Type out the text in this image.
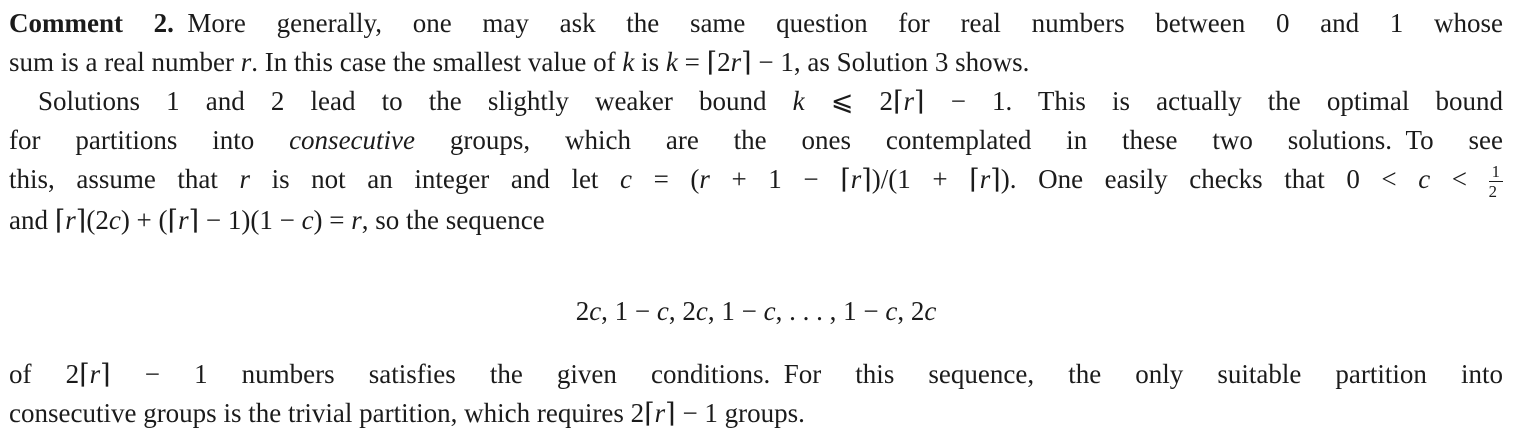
Comment 2. More generally, one may ask the same question for real numbers between 0 and 1 whose
sum is a real number r. In this case the smallest value of k is k = ⌈2r⌉ − 1, as Solution 3 shows.
Solutions 1 and 2 lead to the slightly weaker bound k ⩽ 2⌈r⌉ − 1. This is actually the optimal bound
for partitions into consecutive groups, which are the ones contemplated in these two solutions. To see
this, assume that r is not an integer and let c = (r + 1 − ⌈r⌉)/(1 + ⌈r⌉). One easily checks that $0 < c < \frac{1}{2}$
and ⌈r⌉(2c) + (⌈r⌉ − 1)(1 − c) = r, so the sequence
2c, 1 − c, 2c, 1 − c, . . . , 1 − c, 2c
of 2⌈r⌉ − 1 numbers satisfies the given conditions. For this sequence, the only suitable partition into
consecutive groups is the trivial partition, which requires 2⌈r⌉ − 1 groups.
